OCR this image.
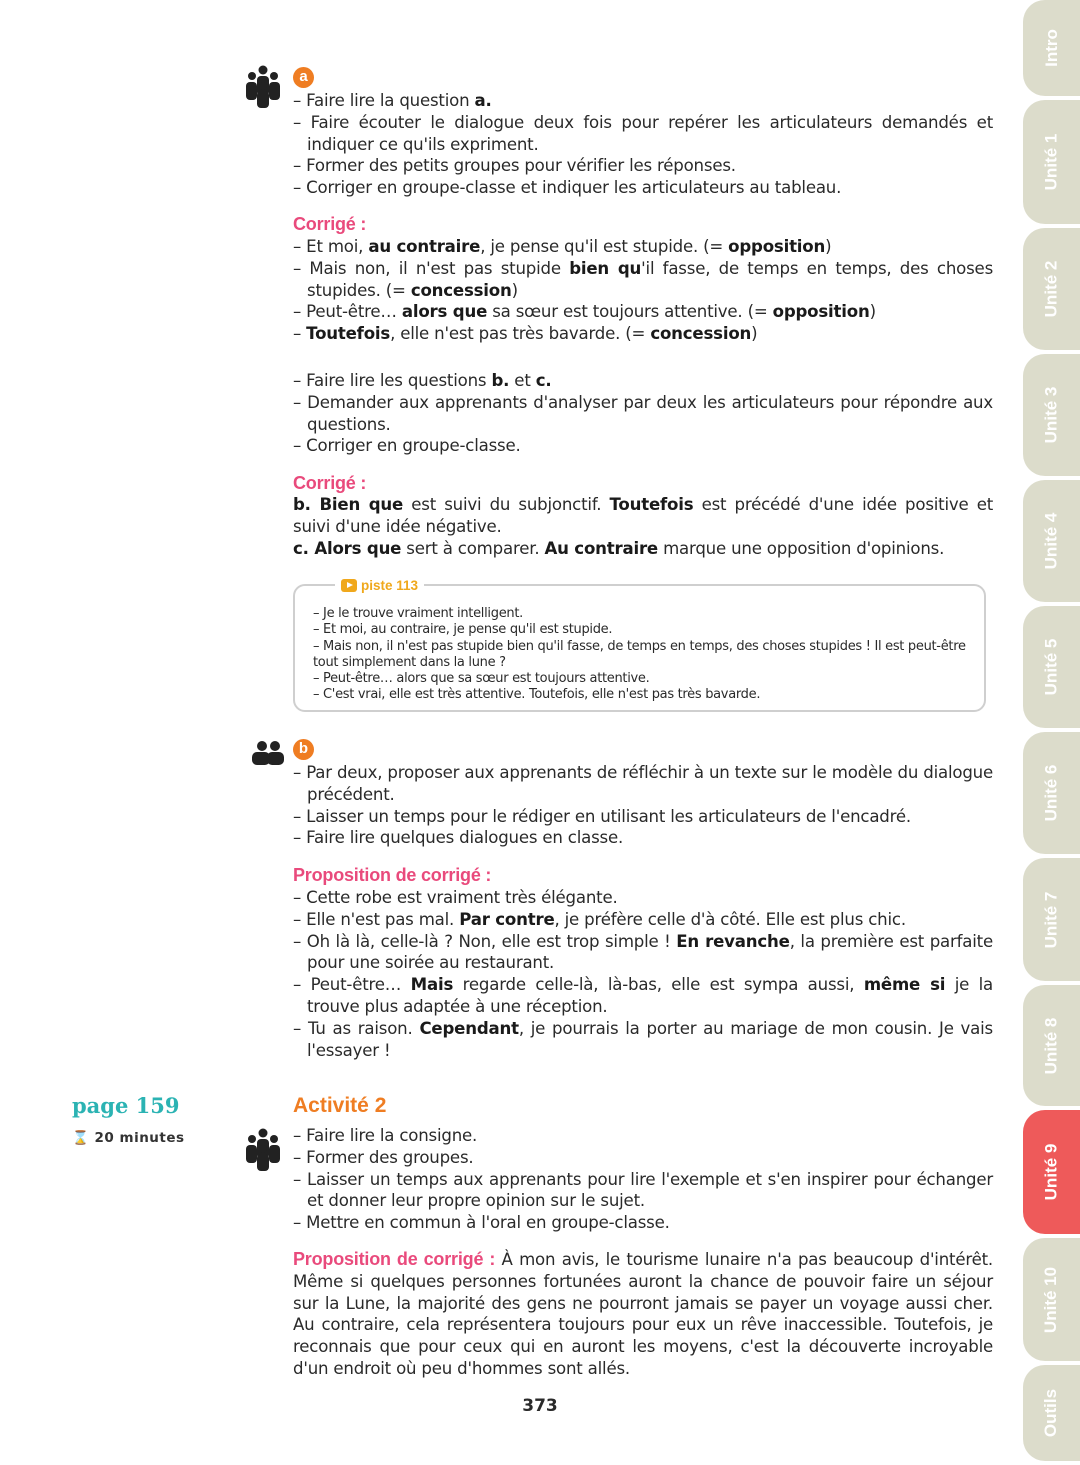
Intro
Unité 1
Unité 2
Unité 3
Unité 4
Unité 5
Unité 6
Unité 7
Unité 8
Unité 9
Unité 10
Outils
a
– Faire lire la question a.
– Faire écouter le dialogue deux fois pour repérer les articulateurs demandés et indiquer ce qu'ils expriment.
– Former des petits groupes pour vérifier les réponses.
– Corriger en groupe-classe et indiquer les articulateurs au tableau.
Corrigé :
– Et moi, au contraire, je pense qu'il est stupide. (= opposition)
– Mais non, il n'est pas stupide bien qu'il fasse, de temps en temps, des choses stupides. (= concession)
– Peut-être… alors que sa sœur est toujours attentive. (= opposition)
– Toutefois, elle n'est pas très bavarde. (= concession)
– Faire lire les questions b. et c.
– Demander aux apprenants d'analyser par deux les articulateurs pour répondre aux questions.
– Corriger en groupe-classe.
Corrigé :
b. Bien que est suivi du subjonctif. Toutefois est précédé d'une idée positive et suivi d'une idée négative.
c. Alors que sert à comparer. Au contraire marque une opposition d'opinions.
piste 113
– Je le trouve vraiment intelligent.
– Et moi, au contraire, je pense qu'il est stupide.
– Mais non, il n'est pas stupide bien qu'il fasse, de temps en temps, des choses stupides ! Il est peut-être tout simplement dans la lune ?
– Peut-être… alors que sa sœur est toujours attentive.
– C'est vrai, elle est très attentive. Toutefois, elle n'est pas très bavarde.
b
– Par deux, proposer aux apprenants de réfléchir à un texte sur le modèle du dialogue précédent.
– Laisser un temps pour le rédiger en utilisant les articulateurs de l'encadré.
– Faire lire quelques dialogues en classe.
Proposition de corrigé :
– Cette robe est vraiment très élégante.
– Elle n'est pas mal. Par contre, je préfère celle d'à côté. Elle est plus chic.
– Oh là là, celle-là ? Non, elle est trop simple ! En revanche, la première est parfaite pour une soirée au restaurant.
– Peut-être… Mais regarde celle-là, là-bas, elle est sympa aussi, même si je la trouve plus adaptée à une réception.
– Tu as raison. Cependant, je pourrais la porter au mariage de mon cousin. Je vais l'essayer !
page 159
⌛ 20 minutes
Activité 2
– Faire lire la consigne.
– Former des groupes.
– Laisser un temps aux apprenants pour lire l'exemple et s'en inspirer pour échanger et donner leur propre opinion sur le sujet.
– Mettre en commun à l'oral en groupe-classe.
Proposition de corrigé : À mon avis, le tourisme lunaire n'a pas beaucoup d'intérêt. Même si quelques personnes fortunées auront la chance de pouvoir faire un séjour sur la Lune, la majorité des gens ne pourront jamais se payer un voyage aussi cher. Au contraire, cela représentera toujours pour eux un rêve inaccessible. Toutefois, je reconnais que pour ceux qui en auront les moyens, c'est la découverte incroyable d'un endroit où peu d'hommes sont allés.
373
